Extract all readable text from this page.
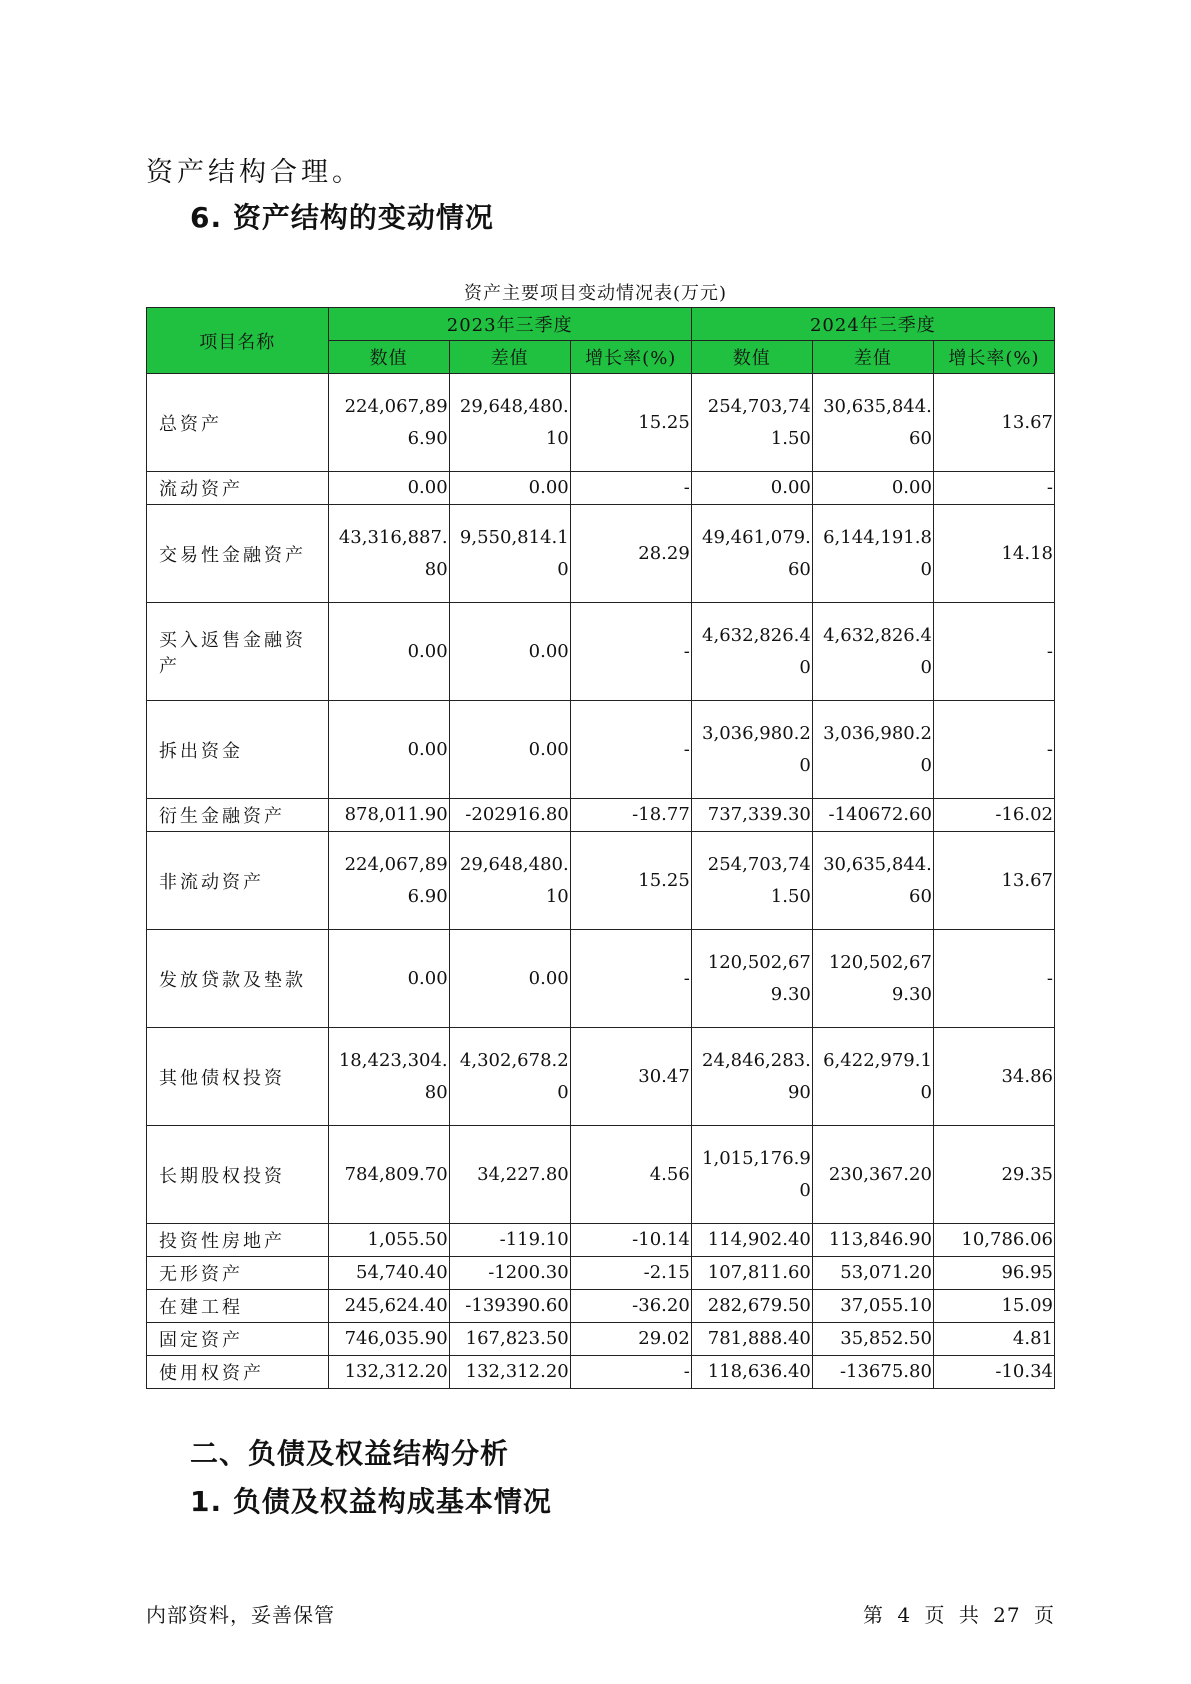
资产结构合理。
6. 资产结构的变动情况
资产主要项目变动情况表(万元)
项目名称	2023年三季度			2024年三季度		
	数值	差值	增长率(%)	数值	差值	增长率(%)
总资产	224,067,896.90	29,648,480.10	15.25	254,703,741.50	30,635,844.60	13.67
流动资产	0.00	0.00	-	0.00	0.00	-
交易性金融资产	43,316,887.80	9,550,814.10	28.29	49,461,079.60	6,144,191.80	14.18
买入返售金融资产	0.00	0.00	-	4,632,826.40	4,632,826.40	-
拆出资金	0.00	0.00	-	3,036,980.20	3,036,980.20	-
衍生金融资产	878,011.90	-202916.80	-18.77	737,339.30	-140672.60	-16.02
非流动资产	224,067,896.90	29,648,480.10	15.25	254,703,741.50	30,635,844.60	13.67
发放贷款及垫款	0.00	0.00	-	120,502,679.30	120,502,679.30	-
其他债权投资	18,423,304.80	4,302,678.20	30.47	24,846,283.90	6,422,979.10	34.86
长期股权投资	784,809.70	34,227.80	4.56	1,015,176.90	230,367.20	29.35
投资性房地产	1,055.50	-119.10	-10.14	114,902.40	113,846.90	10,786.06
无形资产	54,740.40	-1200.30	-2.15	107,811.60	53,071.20	96.95
在建工程	245,624.40	-139390.60	-36.20	282,679.50	37,055.10	15.09
固定资产	746,035.90	167,823.50	29.02	781,888.40	35,852.50	4.81
使用权资产	132,312.20	132,312.20	-	118,636.40	-13675.80	-10.34
二、负债及权益结构分析
1. 负债及权益构成基本情况
内部资料，妥善保管	第 4 页 共 27 页
